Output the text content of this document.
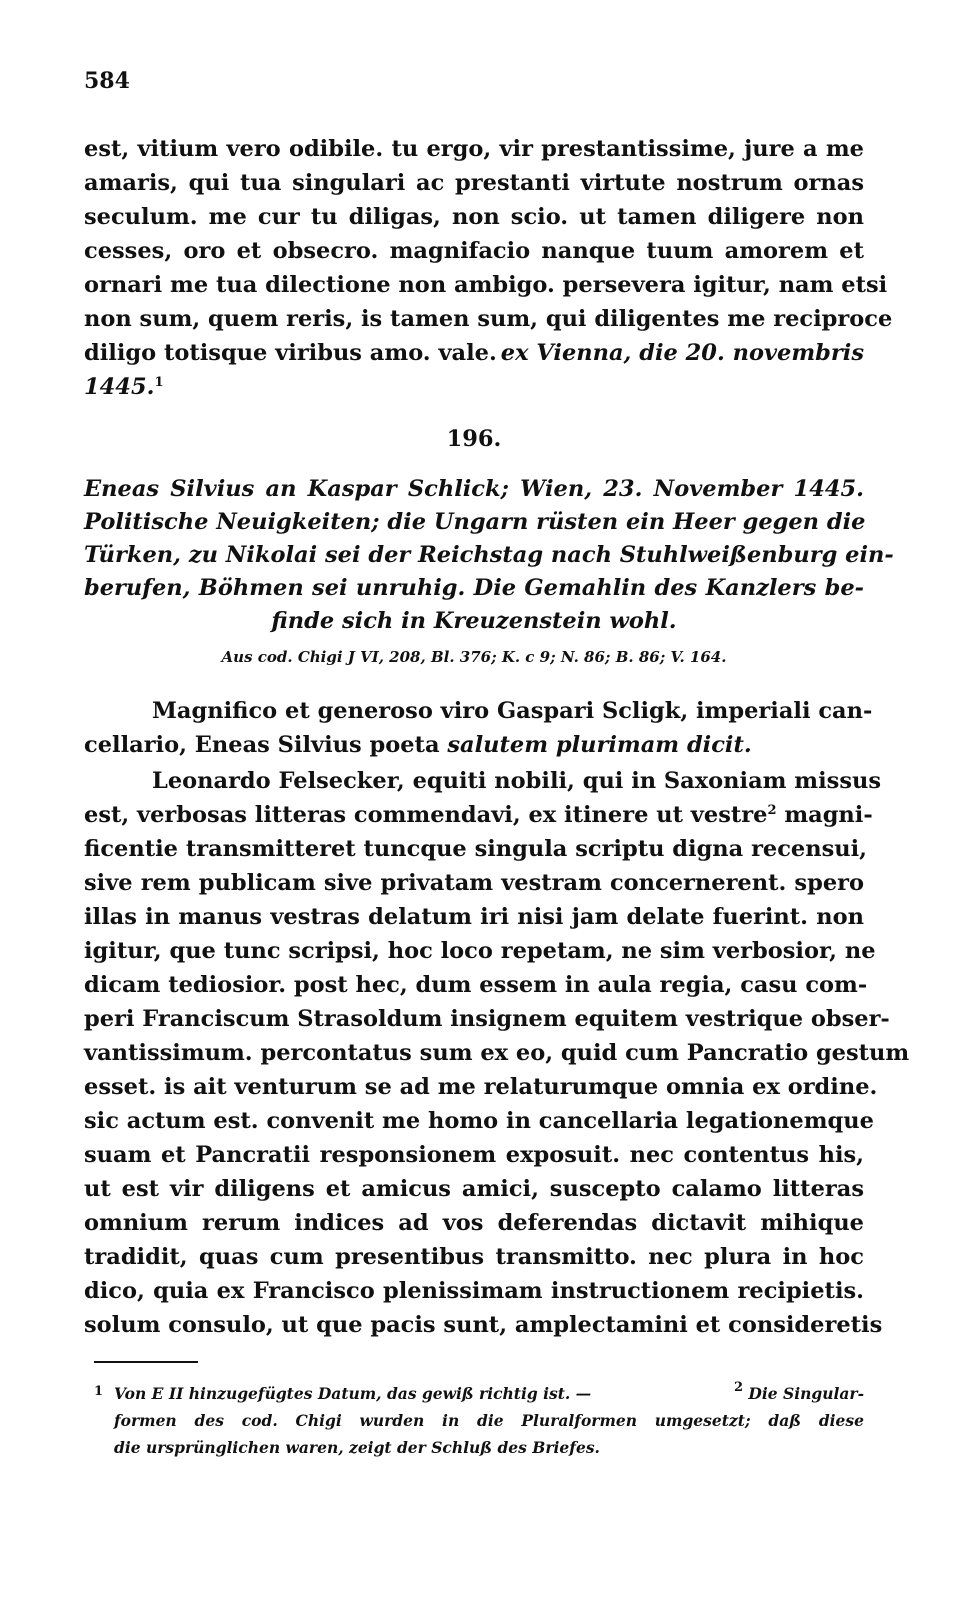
584
est, vitium vero odibile. tu ergo, vir prestantissime, jure a me
amaris, qui tua singulari ac prestanti virtute nostrum ornas
seculum. me cur tu diligas, non scio. ut tamen diligere non
cesses, oro et obsecro. magnifacio nanque tuum amorem et
ornari me tua dilectione non ambigo. persevera igitur, nam etsi
non sum, quem reris, is tamen sum, qui diligentes me reciproce
diligo totisque viribus amo. vale. ex Vienna, die 20. novembris
1445.$^1$
196.
Eneas Silvius an Kaspar Schlick; Wien, 23. November 1445.
Politische Neuigkeiten; die Ungarn rüsten ein Heer gegen die
Türken, zu Nikolai sei der Reichstag nach Stuhlweißenburg ein-
berufen, Böhmen sei unruhig. Die Gemahlin des Kanzlers be-
finde sich in Kreuzenstein wohl.
Aus cod. Chigi J VI, 208, Bl. 376; K. c 9; N. 86; B. 86; V. 164.
Magnifico et generoso viro Gaspari Scligk, imperiali can-
cellario, Eneas Silvius poeta salutem plurimam dicit.
Leonardo Felsecker, equiti nobili, qui in Saxoniam missus
est, verbosas litteras commendavi, ex itinere ut vestre $^2$ magni-
ficentie transmitteret tuncque singula scriptu digna recensui,
sive rem publicam sive privatam vestram concernerent. spero
illas in manus vestras delatum iri nisi jam delate fuerint. non
igitur, que tunc scripsi, hoc loco repetam, ne sim verbosior, ne
dicam tediosior. post hec, dum essem in aula regia, casu com-
peri Franciscum Strasoldum insignem equitem vestrique obser-
vantissimum. percontatus sum ex eo, quid cum Pancratio gestum
esset. is ait venturum se ad me relaturumque omnia ex ordine.
sic actum est. convenit me homo in cancellaria legationemque
suam et Pancratii responsionem exposuit. nec contentus his,
ut est vir diligens et amicus amici, suscepto calamo litteras
omnium rerum indices ad vos deferendas dictavit mihique
tradidit, quas cum presentibus transmitto. nec plura in hoc
dico, quia ex Francisco plenissimam instructionem recipietis.
solum consulo, ut que pacis sunt, amplectamini et consideretis
1 Von E II hinzugefügtes Datum, das gewiß richtig ist. —	$^2$ Die Singular-
formen des cod. Chigi wurden in die Pluralformen umgesetzt; daß diese
die ursprünglichen waren, zeigt der Schluß des Briefes.
